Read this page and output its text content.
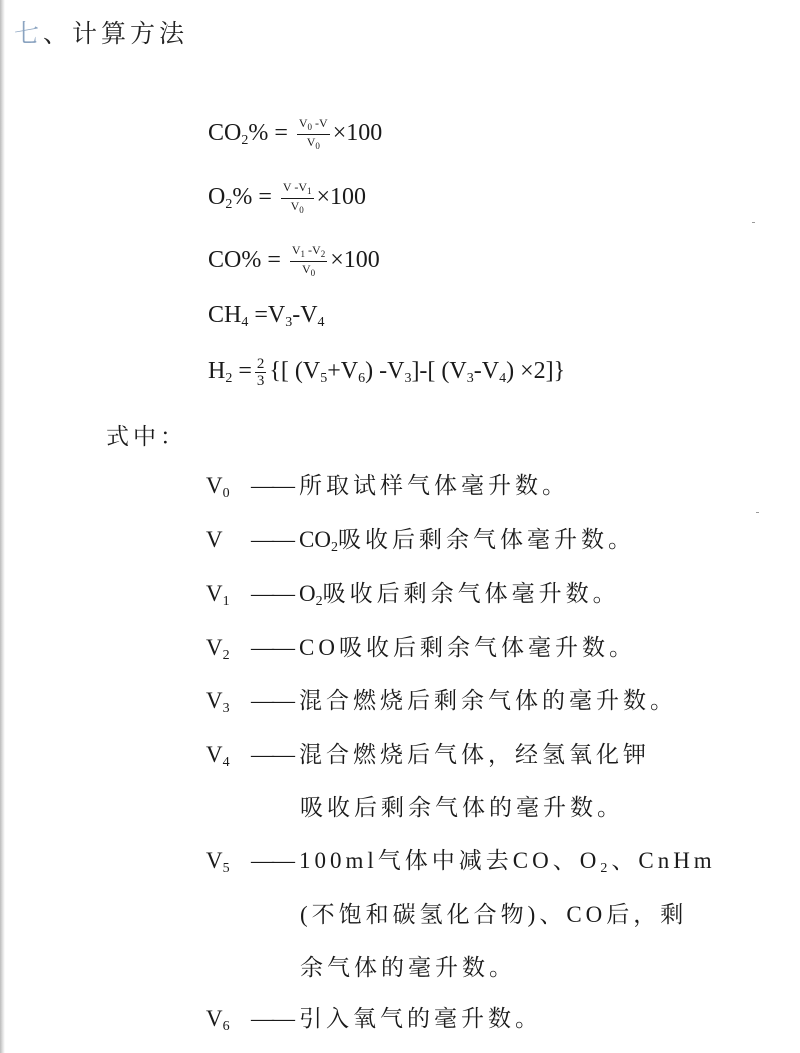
七、计算方法
$CO_2\% = \frac{V_0 -V}{V_0} \times 100$
$O_2\% = \frac{V -V_1}{V_0} \times 100$
$CO\% = \frac{V_1 -V_2}{V_0} \times 100$
$CH_4 =V_3-V_4$
$H_2 = \frac{2}{3}$ {[ $(V_5+V_6)$ $-V_3]-$[ $(V_3-V_4) \times 2$]}
式中：
$V_0$ —— 所取试样气体毫升数。
V —— $CO_2$吸收后剩余气体毫升数。
$V_1$ —— $O_2$吸收后剩余气体毫升数。
$V_2$ —— CO吸收后剩余气体毫升数。
$V_3$ —— 混合燃烧后剩余气体的毫升数。
$V_4$ —— 混合燃烧后气体，经氢氧化钾
吸收后剩余气体的毫升数。
$V_5$ —— 100ml气体中减去CO、$O_2$、CnHm
(不饱和碳氢化合物)、CO后，剩
余气体的毫升数。
$V_6$ —— 引入氧气的毫升数。
